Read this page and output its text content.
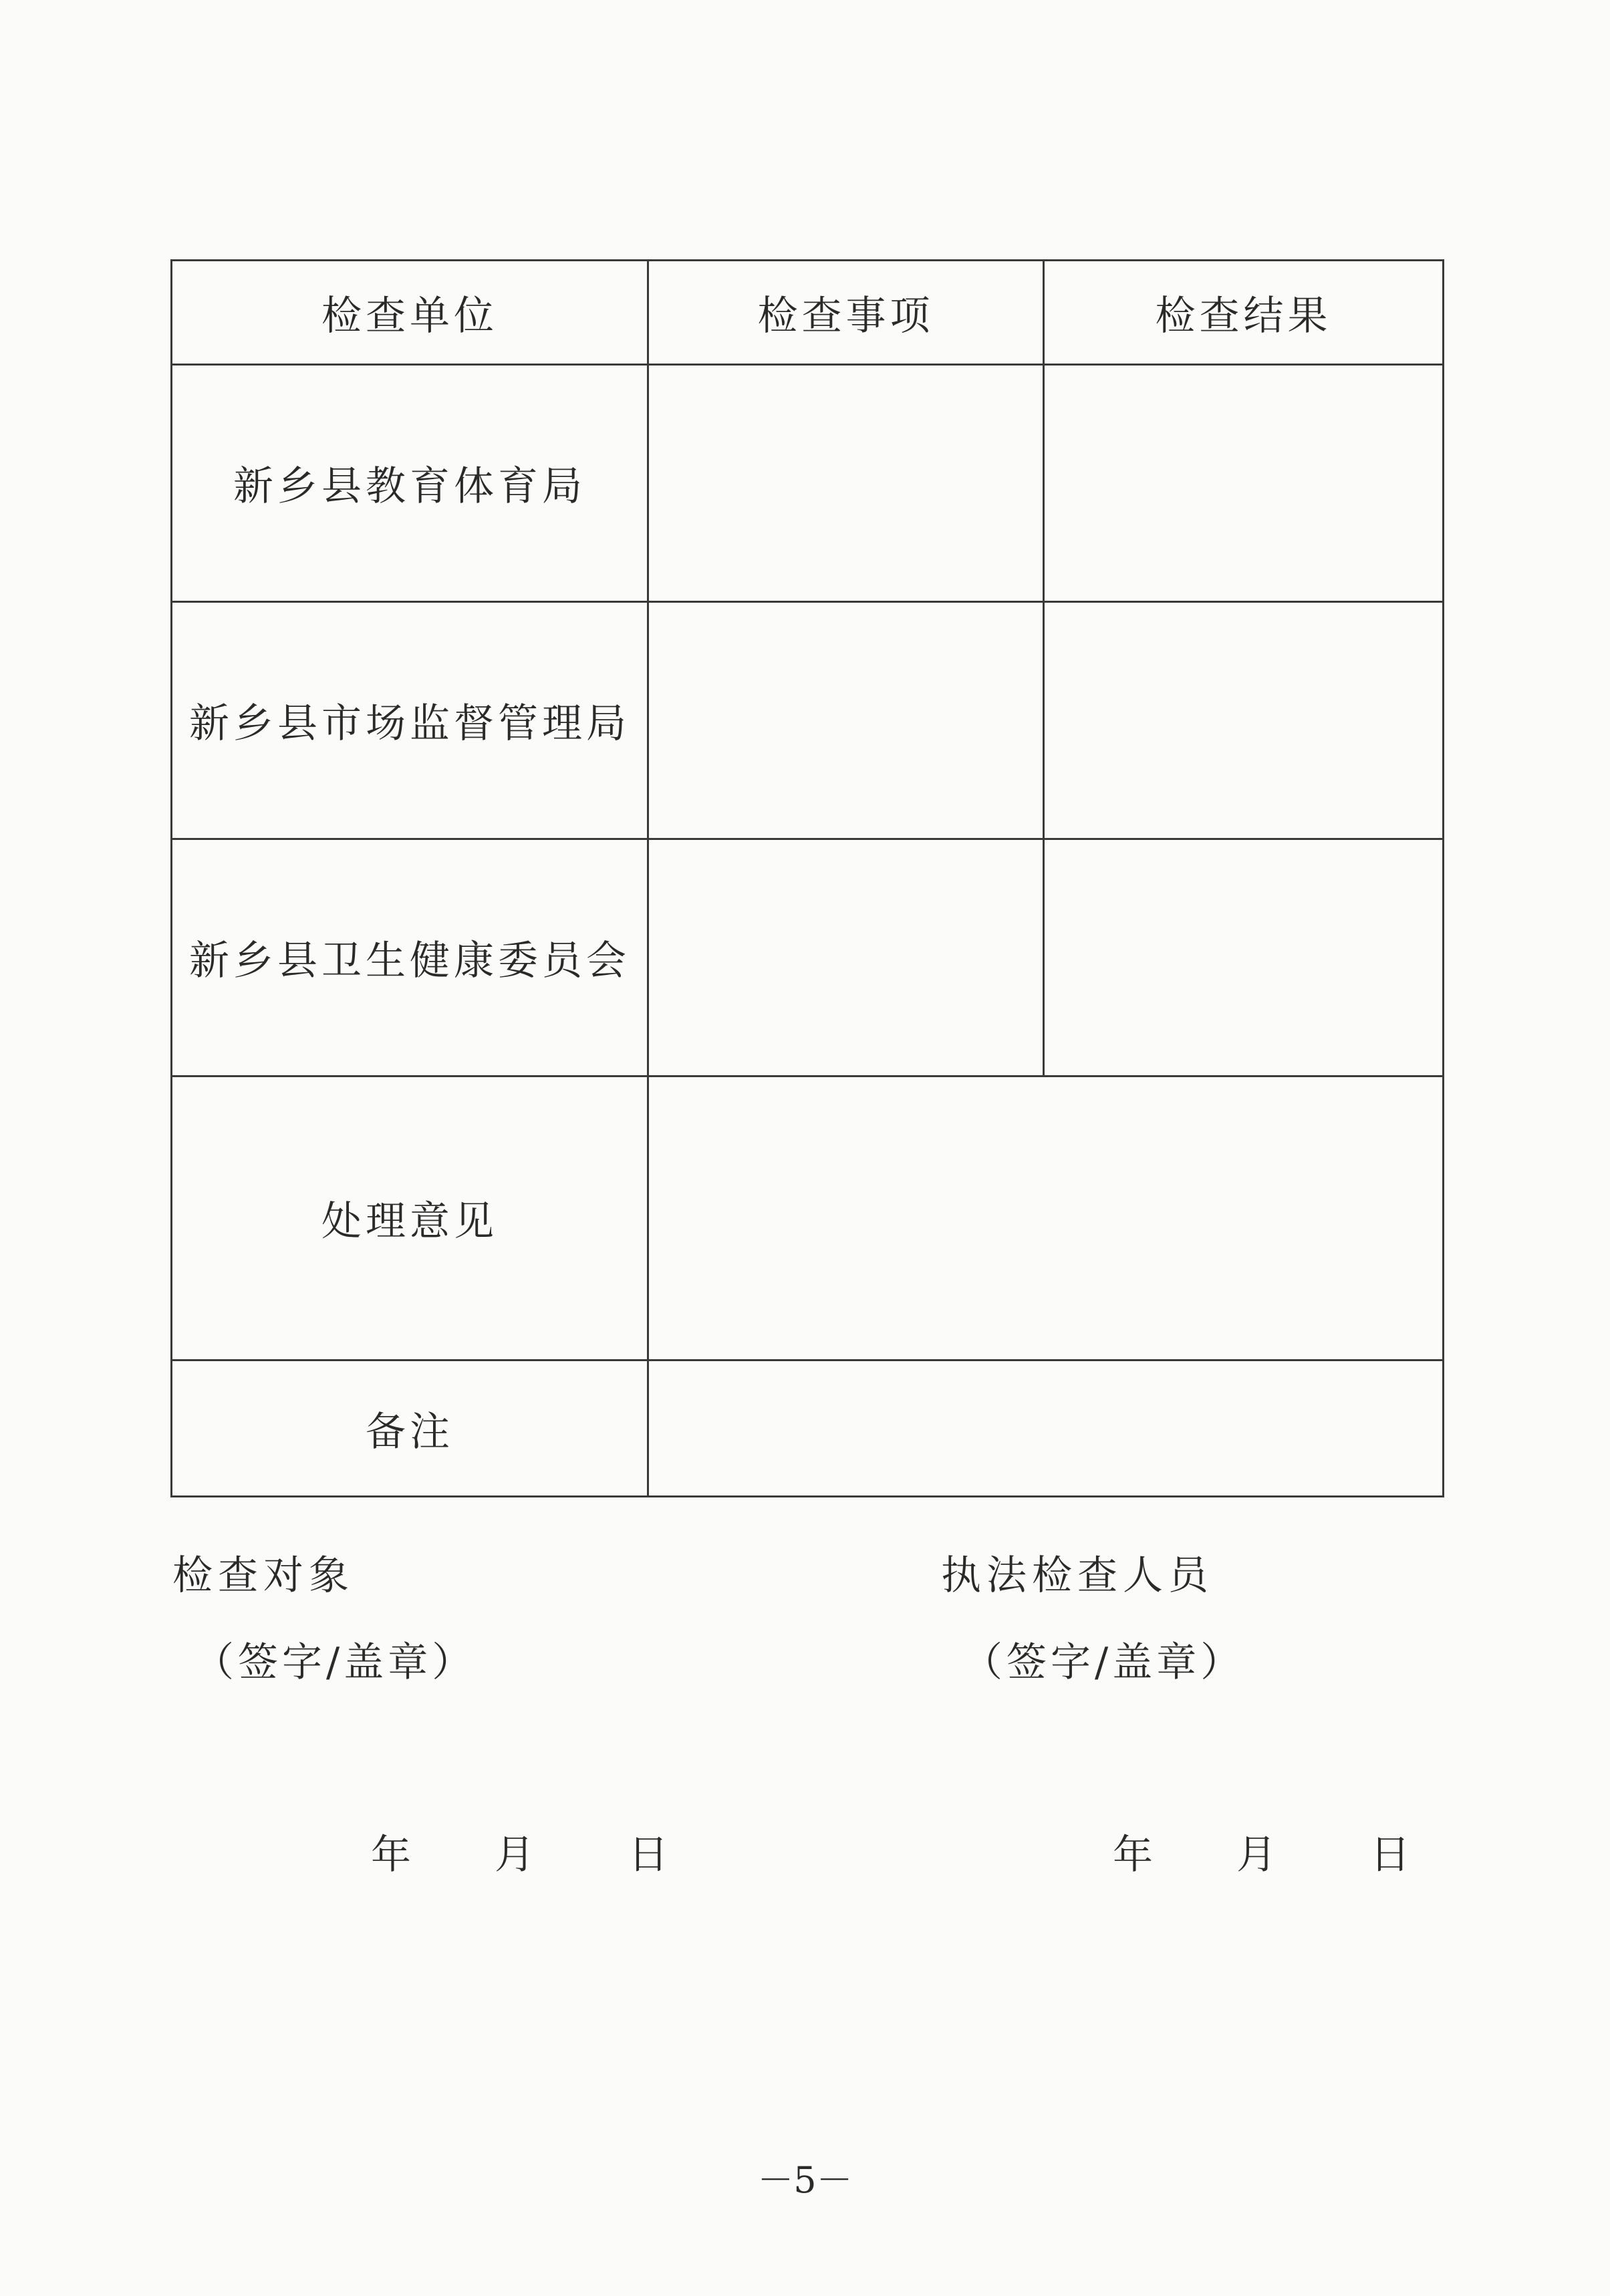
检查单位	检查事项	检查结果
新乡县教育体育局		
新乡县市场监督管理局		
新乡县卫生健康委员会		
处理意见		
备注		
检查对象
（签字/盖章）
年 月 日
执法检查人员
（签字/盖章）
年 月 日
－5－
